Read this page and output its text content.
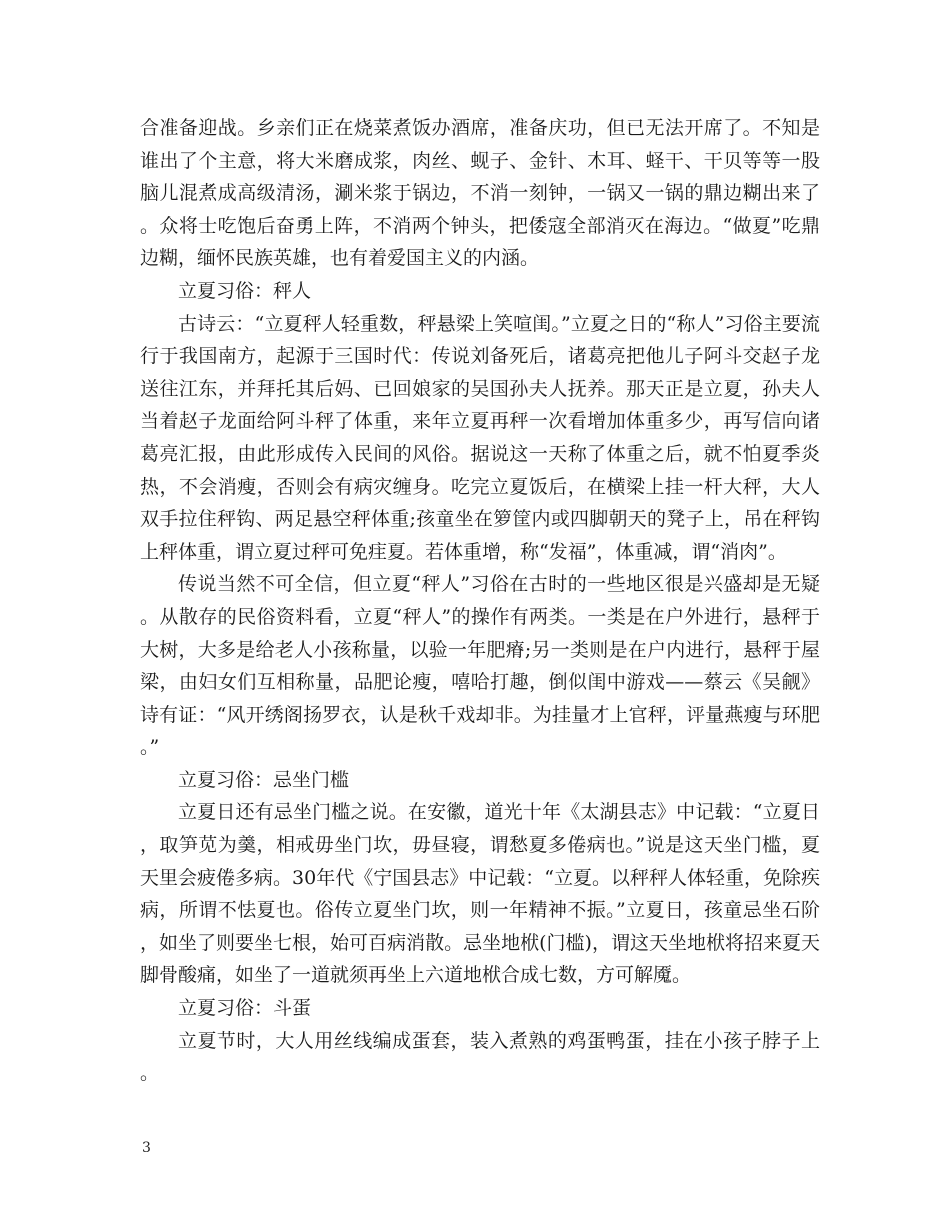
合准备迎战。乡亲们正在烧菜煮饭办酒席，准备庆功，但已无法开席了。不知是谁出了个主意，将大米磨成浆，肉丝、蚬子、金针、木耳、蛏干、干贝等等一股脑儿混煮成高级清汤，涮米浆于锅边，不消一刻钟，一锅又一锅的鼎边糊出来了。众将士吃饱后奋勇上阵，不消两个钟头，把倭寇全部消灭在海边。“做夏”吃鼎边糊，缅怀民族英雄，也有着爱国主义的内涵。

立夏习俗：秤人

古诗云：“立夏秤人轻重数，秤悬梁上笑喧闺。”立夏之日的“称人”习俗主要流行于我国南方，起源于三国时代：传说刘备死后，诸葛亮把他儿子阿斗交赵子龙送往江东，并拜托其后妈、已回娘家的吴国孙夫人抚养。那天正是立夏，孙夫人当着赵子龙面给阿斗秤了体重，来年立夏再秤一次看增加体重多少，再写信向诸葛亮汇报，由此形成传入民间的风俗。据说这一天称了体重之后，就不怕夏季炎热，不会消瘦，否则会有病灾缠身。吃完立夏饭后，在横梁上挂一杆大秤，大人双手拉住秤钩、两足悬空秤体重;孩童坐在箩筐内或四脚朝天的凳子上，吊在秤钩上秤体重，谓立夏过秤可免疰夏。若体重增，称“发福”，体重减，谓“消肉”。

传说当然不可全信，但立夏“秤人”习俗在古时的一些地区很是兴盛却是无疑。从散存的民俗资料看，立夏“秤人”的操作有两类。一类是在户外进行，悬秤于大树，大多是给老人小孩称量，以验一年肥瘠;另一类则是在户内进行，悬秤于屋梁，由妇女们互相称量，品肥论瘦，嘻哈打趣，倒似闺中游戏——蔡云《吴觎》诗有证：“风开绣阁扬罗衣，认是秋千戏却非。为挂量才上官秤，评量燕瘦与环肥。”

立夏习俗：忌坐门槛

立夏日还有忌坐门槛之说。在安徽，道光十年《太湖县志》中记载：“立夏日，取笋苋为羹，相戒毋坐门坎，毋昼寝，谓愁夏多倦病也。”说是这天坐门槛，夏天里会疲倦多病。30年代《宁国县志》中记载：“立夏。以秤秤人体轻重，免除疾病，所谓不怯夏也。俗传立夏坐门坎，则一年精神不振。”立夏日，孩童忌坐石阶，如坐了则要坐七根，始可百病消散。忌坐地栿(门槛)，谓这天坐地栿将招来夏天脚骨酸痛，如坐了一道就须再坐上六道地栿合成七数，方可解魇。

立夏习俗：斗蛋

立夏节时，大人用丝线编成蛋套，装入煮熟的鸡蛋鸭蛋，挂在小孩子脖子上。

3
